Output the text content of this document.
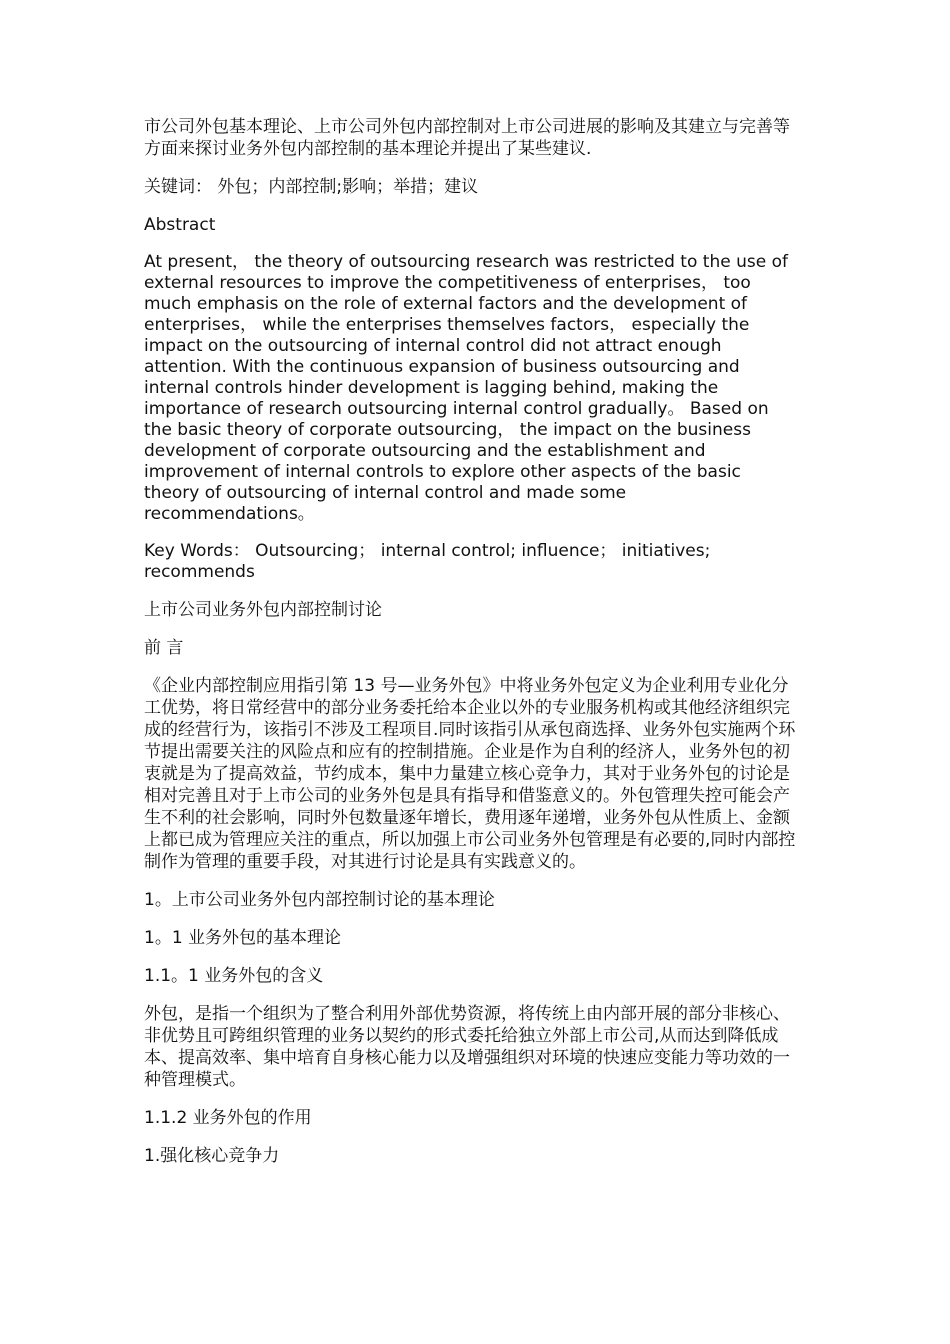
市公司外包基本理论、上市公司外包内部控制对上市公司进展的影响及其建立与完善等方面来探讨业务外包内部控制的基本理论并提出了某些建议.

关键词： 外包；内部控制;影响；举措；建议

Abstract

At present， the theory of outsourcing research was restricted to the use of external resources to improve the competitiveness of enterprises， too much emphasis on the role of external factors and the development of enterprises， while the enterprises themselves factors， especially the impact on the outsourcing of internal control did not attract enough attention. With the continuous expansion of business outsourcing and internal controls hinder development is lagging behind, making the importance of research outsourcing internal control gradually。 Based on the basic theory of corporate outsourcing， the impact on the business development of corporate outsourcing and the establishment and improvement of internal controls to explore other aspects of the basic theory of outsourcing of internal control and made some recommendations。

Key Words： Outsourcing； internal control; influence； initiatives; recommends

上市公司业务外包内部控制讨论

前 言

《企业内部控制应用指引第 13 号—业务外包》中将业务外包定义为企业利用专业化分工优势，将日常经营中的部分业务委托给本企业以外的专业服务机构或其他经济组织完成的经营行为，该指引不涉及工程项目.同时该指引从承包商选择、业务外包实施两个环节提出需要关注的风险点和应有的控制措施。企业是作为自利的经济人，业务外包的初衷就是为了提高效益，节约成本，集中力量建立核心竞争力，其对于业务外包的讨论是相对完善且对于上市公司的业务外包是具有指导和借鉴意义的。外包管理失控可能会产生不利的社会影响，同时外包数量逐年增长，费用逐年递增，业务外包从性质上、金额上都已成为管理应关注的重点，所以加强上市公司业务外包管理是有必要的,同时内部控制作为管理的重要手段，对其进行讨论是具有实践意义的。

1。上市公司业务外包内部控制讨论的基本理论

1。1 业务外包的基本理论

1.1。1 业务外包的含义

外包，是指一个组织为了整合利用外部优势资源，将传统上由内部开展的部分非核心、非优势且可跨组织管理的业务以契约的形式委托给独立外部上市公司,从而达到降低成本、提高效率、集中培育自身核心能力以及增强组织对环境的快速应变能力等功效的一种管理模式。

1.1.2 业务外包的作用

1.强化核心竞争力
